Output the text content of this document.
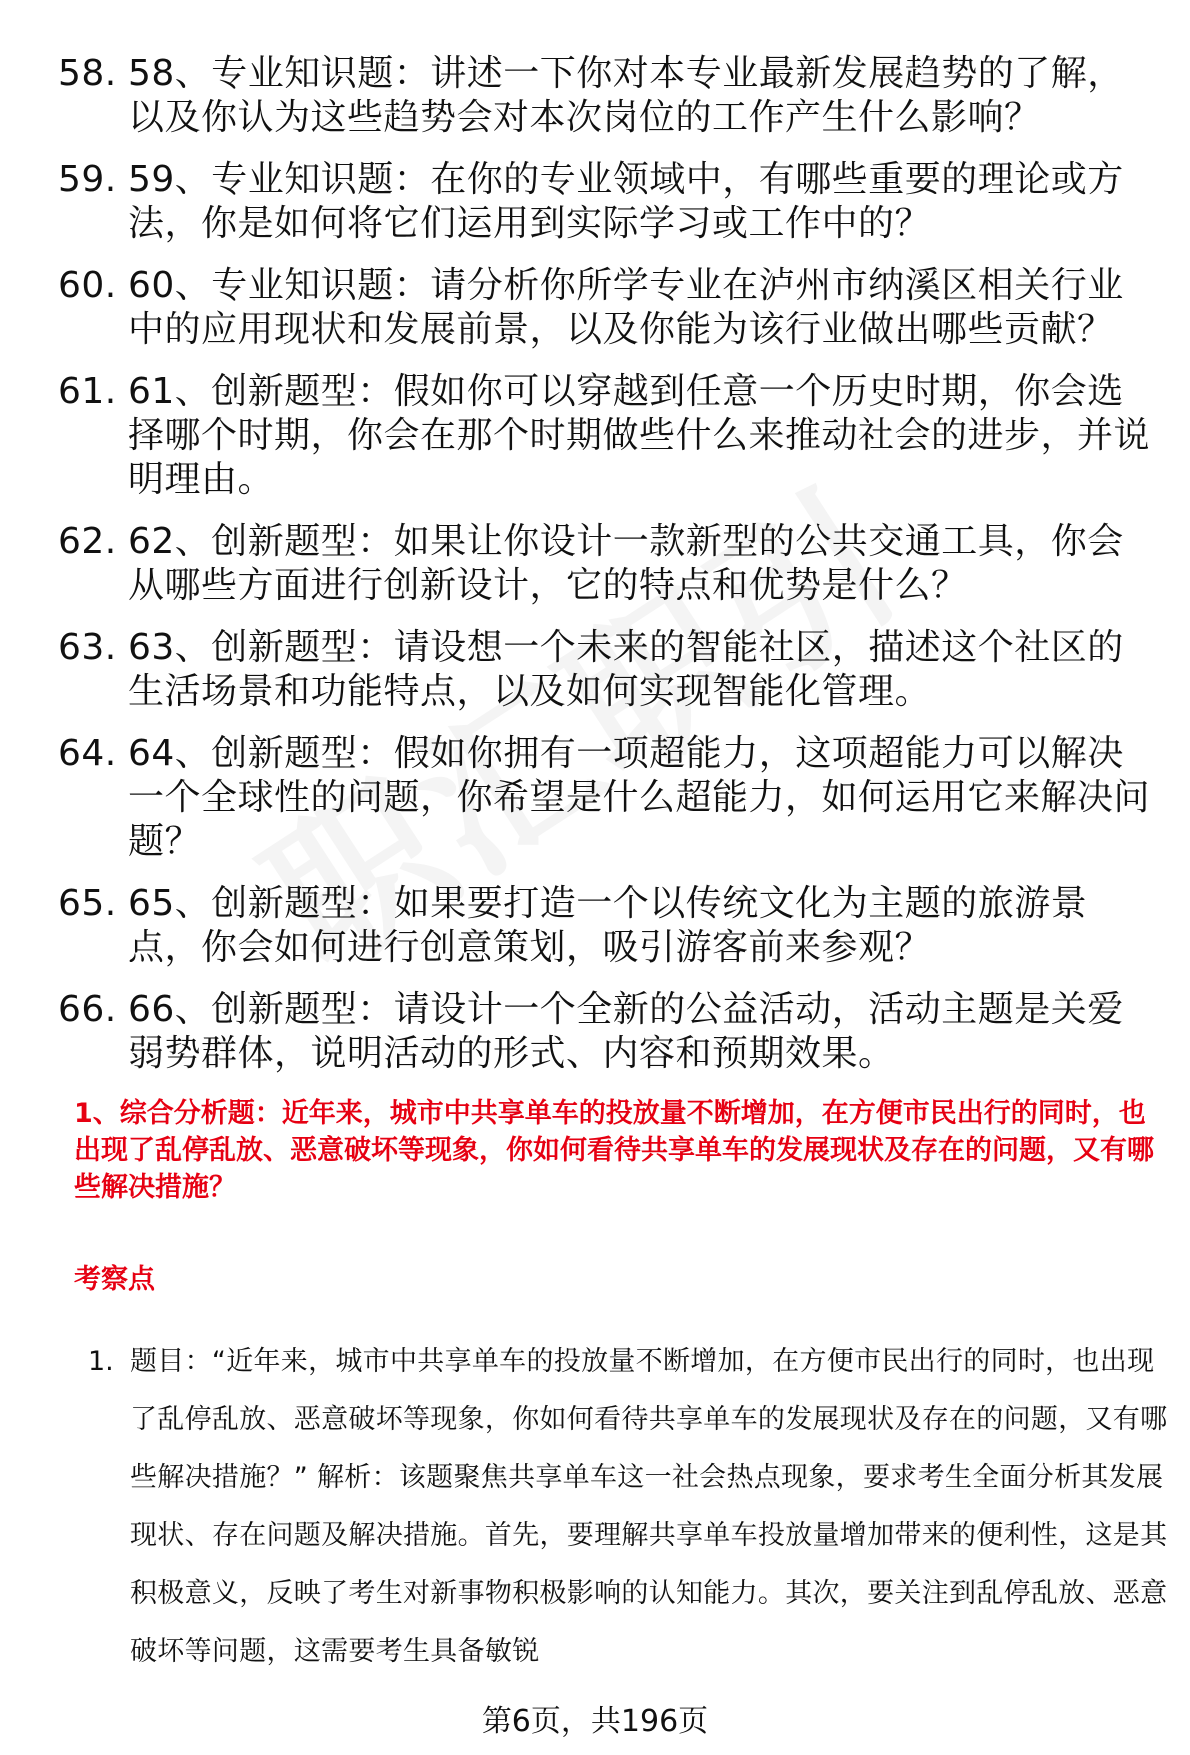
58. 58、专业知识题：讲述一下你对本专业最新发展趋势的了解，以及你认为这些趋势会对本次岗位的工作产生什么影响？
59. 59、专业知识题：在你的专业领域中，有哪些重要的理论或方法，你是如何将它们运用到实际学习或工作中的？
60. 60、专业知识题：请分析你所学专业在泸州市纳溪区相关行业中的应用现状和发展前景，以及你能为该行业做出哪些贡献？
61. 61、创新题型：假如你可以穿越到任意一个历史时期，你会选择哪个时期，你会在那个时期做些什么来推动社会的进步，并说明理由。
62. 62、创新题型：如果让你设计一款新型的公共交通工具，你会从哪些方面进行创新设计，它的特点和优势是什么？
63. 63、创新题型：请设想一个未来的智能社区，描述这个社区的生活场景和功能特点，以及如何实现智能化管理。
64. 64、创新题型：假如你拥有一项超能力，这项超能力可以解决一个全球性的问题，你希望是什么超能力，如何运用它来解决问题？
65. 65、创新题型：如果要打造一个以传统文化为主题的旅游景点，你会如何进行创意策划，吸引游客前来参观？
66. 66、创新题型：请设计一个全新的公益活动，活动主题是关爱弱势群体，说明活动的形式、内容和预期效果。

1、综合分析题：近年来，城市中共享单车的投放量不断增加，在方便市民出行的同时，也出现了乱停乱放、恶意破坏等现象，你如何看待共享单车的发展现状及存在的问题，又有哪些解决措施？

考察点

1. 题目：“近年来，城市中共享单车的投放量不断增加，在方便市民出行的同时，也出现了乱停乱放、恶意破坏等现象，你如何看待共享单车的发展现状及存在的问题，又有哪些解决措施？” 解析：该题聚焦共享单车这一社会热点现象，要求考生全面分析其发展现状、存在问题及解决措施。首先，要理解共享单车投放量增加带来的便利性，这是其积极意义，反映了考生对新事物积极影响的认知能力。其次，要关注到乱停乱放、恶意破坏等问题，这需要考生具备敏锐
第6页，共196页
